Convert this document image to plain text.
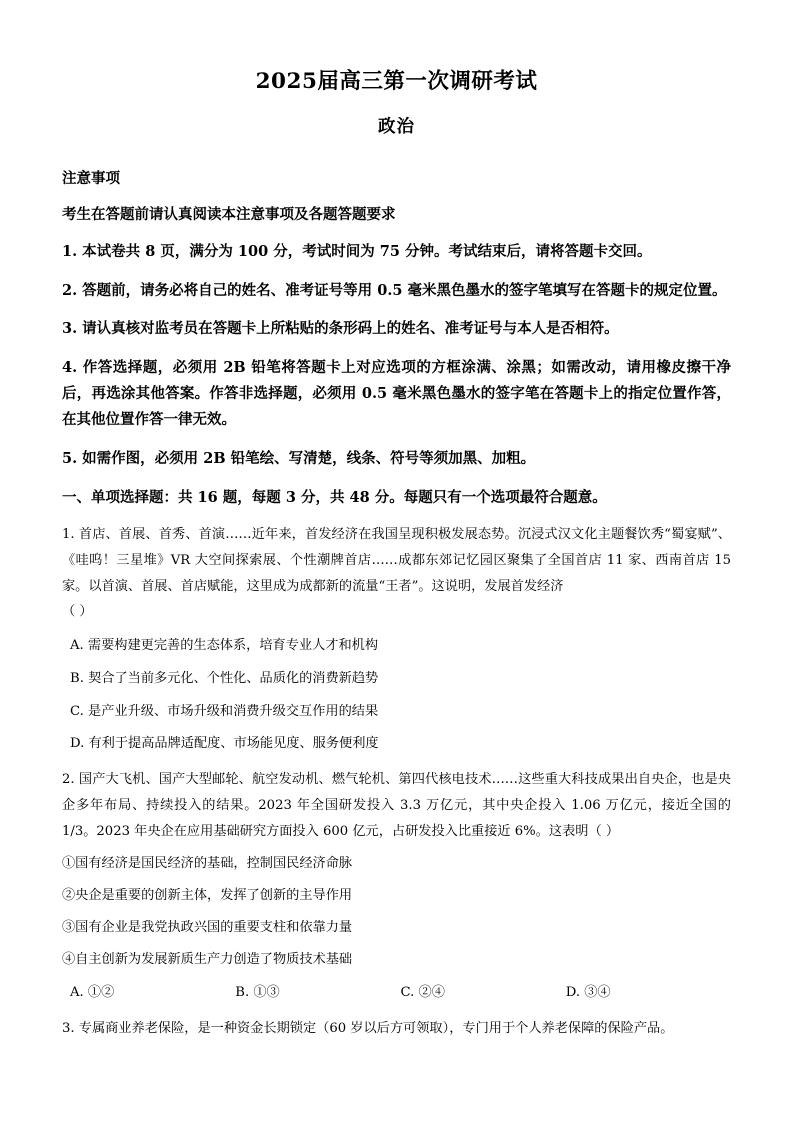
2025届高三第一次调研考试
政治

注意事项

考生在答题前请认真阅读本注意事项及各题答题要求

1. 本试卷共 8 页，满分为 100 分，考试时间为 75 分钟。考试结束后，请将答题卡交回。

2. 答题前，请务必将自己的姓名、准考证号等用 0.5 毫米黑色墨水的签字笔填写在答题卡的规定位置。

3. 请认真核对监考员在答题卡上所粘贴的条形码上的姓名、准考证号与本人是否相符。

4. 作答选择题，必须用 2B 铅笔将答题卡上对应选项的方框涂满、涂黑；如需改动，请用橡皮擦干净后，再选涂其他答案。作答非选择题，必须用 0.5 毫米黑色墨水的签字笔在答题卡上的指定位置作答，在其他位置作答一律无效。

5. 如需作图，必须用 2B 铅笔绘、写清楚，线条、符号等须加黑、加粗。

一、单项选择题：共 16 题，每题 3 分，共 48 分。每题只有一个选项最符合题意。

1. 首店、首展、首秀、首演……近年来，首发经济在我国呈现积极发展态势。沉浸式汉文化主题餐饮秀“蜀宴赋”、《哇呜！三星堆》VR 大空间探索展、个性潮牌首店……成都东郊记忆园区聚集了全国首店 11 家、西南首店 15 家。以首演、首展、首店赋能，这里成为成都新的流量“王者”。这说明，发展首发经济

（ ）

A. 需要构建更完善的生态体系，培育专业人才和机构

B. 契合了当前多元化、个性化、品质化的消费新趋势

C. 是产业升级、市场升级和消费升级交互作用的结果

D. 有利于提高品牌适配度、市场能见度、服务便利度

2. 国产大飞机、国产大型邮轮、航空发动机、燃气轮机、第四代核电技术……这些重大科技成果出自央企，也是央企多年布局、持续投入的结果。2023 年全国研发投入 3.3 万亿元，其中央企投入 1.06 万亿元，接近全国的 1/3。2023 年央企在应用基础研究方面投入 600 亿元，占研发投入比重接近 6%。这表明（ ）

①国有经济是国民经济的基础，控制国民经济命脉

②央企是重要的创新主体，发挥了创新的主导作用

③国有企业是我党执政兴国的重要支柱和依靠力量

④自主创新为发展新质生产力创造了物质技术基础

A. ①②	B. ①③	C. ②④	D. ③④

3. 专属商业养老保险，是一种资金长期锁定（60 岁以后方可领取），专门用于个人养老保障的保险产品。
